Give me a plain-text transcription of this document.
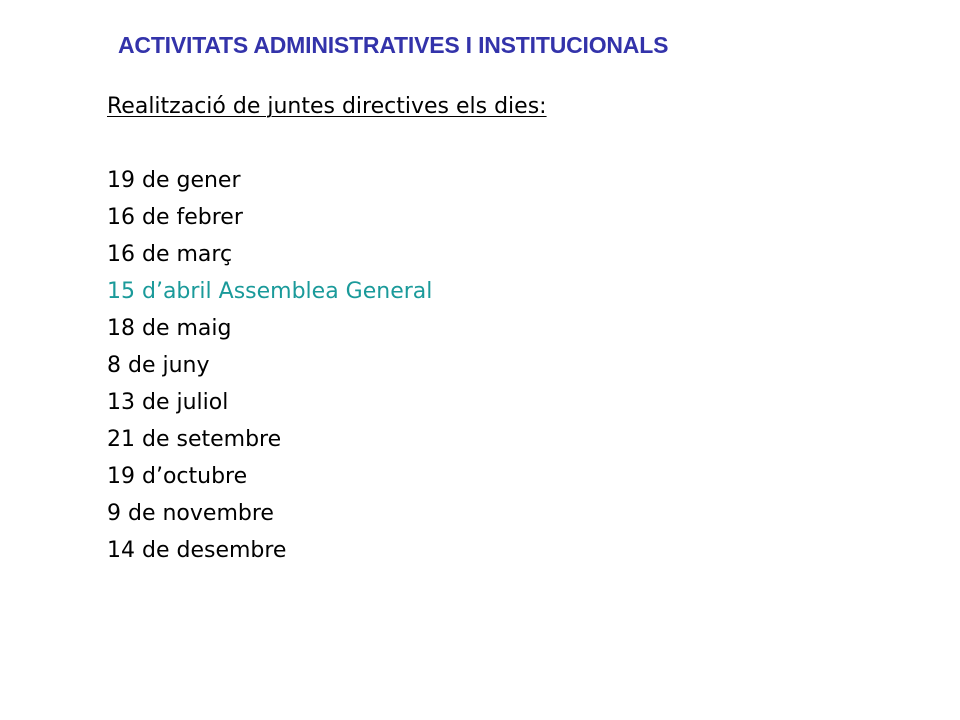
ACTIVITATS ADMINISTRATIVES I INSTITUCIONALS
Realització de juntes directives els dies:
19 de gener
16 de febrer
16 de març
15 d’abril Assemblea General
18 de maig
8 de juny
13 de juliol
21 de setembre
19 d’octubre
9 de novembre
14 de desembre
